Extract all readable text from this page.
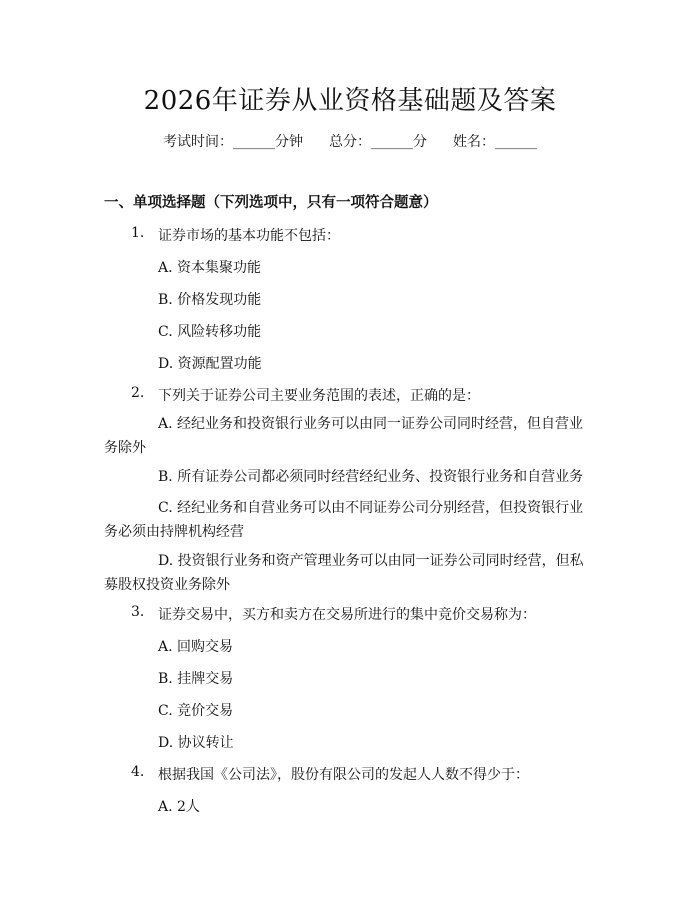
2026年证券从业资格基础题及答案
考试时间：______分钟 总分：______分 姓名：______
一、单项选择题（下列选项中，只有一项符合题意）
1. 证券市场的基本功能不包括：
A. 资本集聚功能
B. 价格发现功能
C. 风险转移功能
D. 资源配置功能
2. 下列关于证券公司主要业务范围的表述，正确的是：
A. 经纪业务和投资银行业务可以由同一证券公司同时经营，但自营业务除外
B. 所有证券公司都必须同时经营经纪业务、投资银行业务和自营业务
C. 经纪业务和自营业务可以由不同证券公司分别经营，但投资银行业务必须由持牌机构经营
D. 投资银行业务和资产管理业务可以由同一证券公司同时经营，但私募股权投资业务除外
3. 证券交易中，买方和卖方在交易所进行的集中竞价交易称为：
A. 回购交易
B. 挂牌交易
C. 竞价交易
D. 协议转让
4. 根据我国《公司法》，股份有限公司的发起人人数不得少于：
A. 2人
